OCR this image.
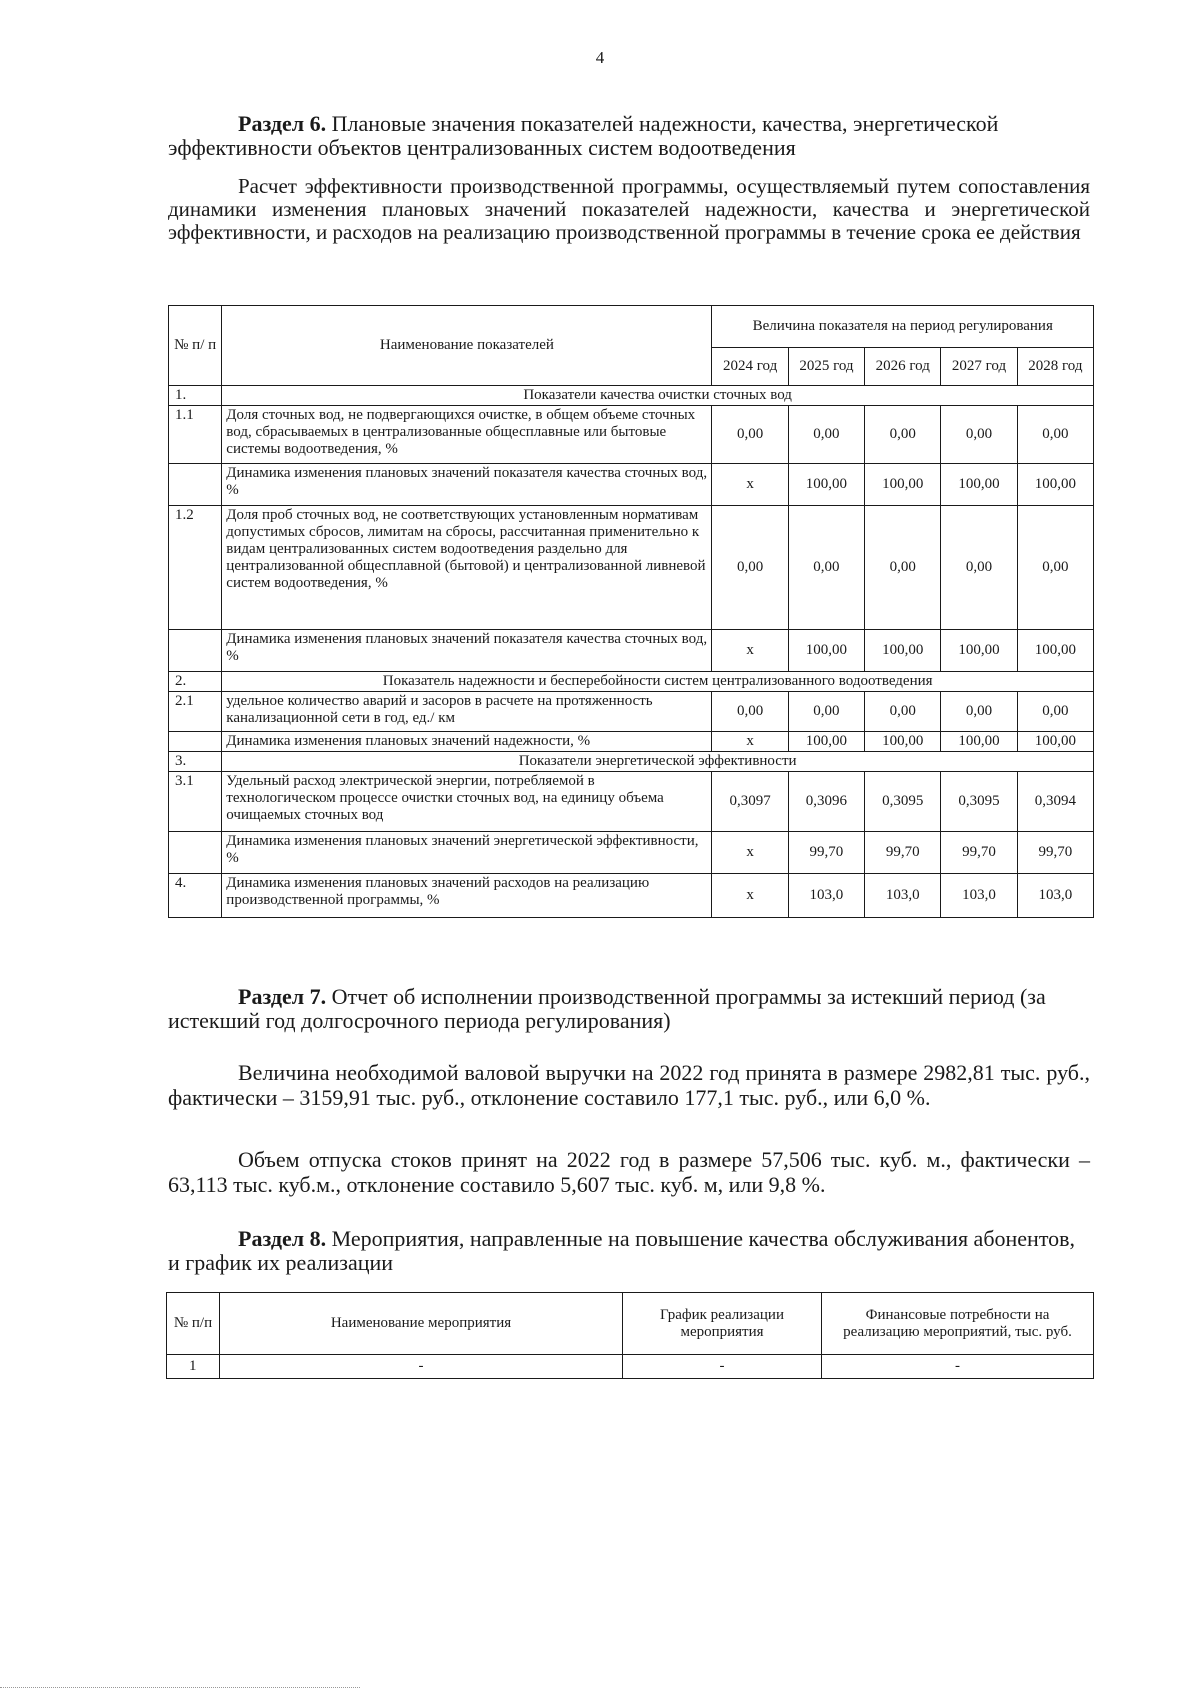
4
Раздел 6. Плановые значения показателей надежности, качества, энергетической эффективности объектов централизованных систем водоотведения
Расчет эффективности производственной программы, осуществляемый путем сопоставления динамики изменения плановых значений показателей надежности, качества и энергетической эффективности, и расходов на реализацию производственной программы в течение срока ее действия
№ п/ п	Наименование показателей	Величина показателя на период регулирования				
		2024 год	2025 год	2026 год	2027 год	2028 год
1.	Показатели качества очистки сточных вод					
1.1	Доля сточных вод, не подвергающихся очистке, в общем объеме сточных вод, сбрасываемых в централизованные общесплавные или бытовые системы водоотведения, %	0,00	0,00	0,00	0,00	0,00
	Динамика изменения плановых значений показателя качества сточных вод, %	х	100,00	100,00	100,00	100,00
1.2	Доля проб сточных вод, не соответствующих установленным нормативам допустимых сбросов, лимитам на сбросы, рассчитанная применительно к видам централизованных систем водоотведения раздельно для централизованной общесплавной (бытовой) и централизованной ливневой систем водоотведения, %	0,00	0,00	0,00	0,00	0,00
	Динамика изменения плановых значений показателя качества сточных вод, %	х	100,00	100,00	100,00	100,00
2.	Показатель надежности и бесперебойности систем централизованного водоотведения					
2.1	удельное количество аварий и засоров в расчете на протяженность канализационной сети в год, ед./ км	0,00	0,00	0,00	0,00	0,00
	Динамика изменения плановых значений надежности, %	х	100,00	100,00	100,00	100,00
3.	Показатели энергетической эффективности					
3.1	Удельный расход электрической энергии, потребляемой в технологическом процессе очистки сточных вод, на единицу объема очищаемых сточных вод	0,3097	0,3096	0,3095	0,3095	0,3094
	Динамика изменения плановых значений энергетической эффективности, %	х	99,70	99,70	99,70	99,70
4.	Динамика изменения плановых значений расходов на реализацию производственной программы, %	х	103,0	103,0	103,0	103,0
Раздел 7. Отчет об исполнении производственной программы за истекший период (за истекший год долгосрочного периода регулирования)
Величина необходимой валовой выручки на 2022 год принята в размере 2982,81 тыс. руб., фактически – 3159,91 тыс. руб., отклонение составило 177,1 тыс. руб., или 6,0 %.
Объем отпуска стоков принят на 2022 год в размере 57,506 тыс. куб. м., фактически – 63,113 тыс. куб.м., отклонение составило 5,607 тыс. куб. м, или 9,8 %.
Раздел 8. Мероприятия, направленные на повышение качества обслуживания абонентов, и график их реализации
№ п/п	Наименование мероприятия	График реализации мероприятия	Финансовые потребности на реализацию мероприятий, тыс. руб.
1	-	-	-
